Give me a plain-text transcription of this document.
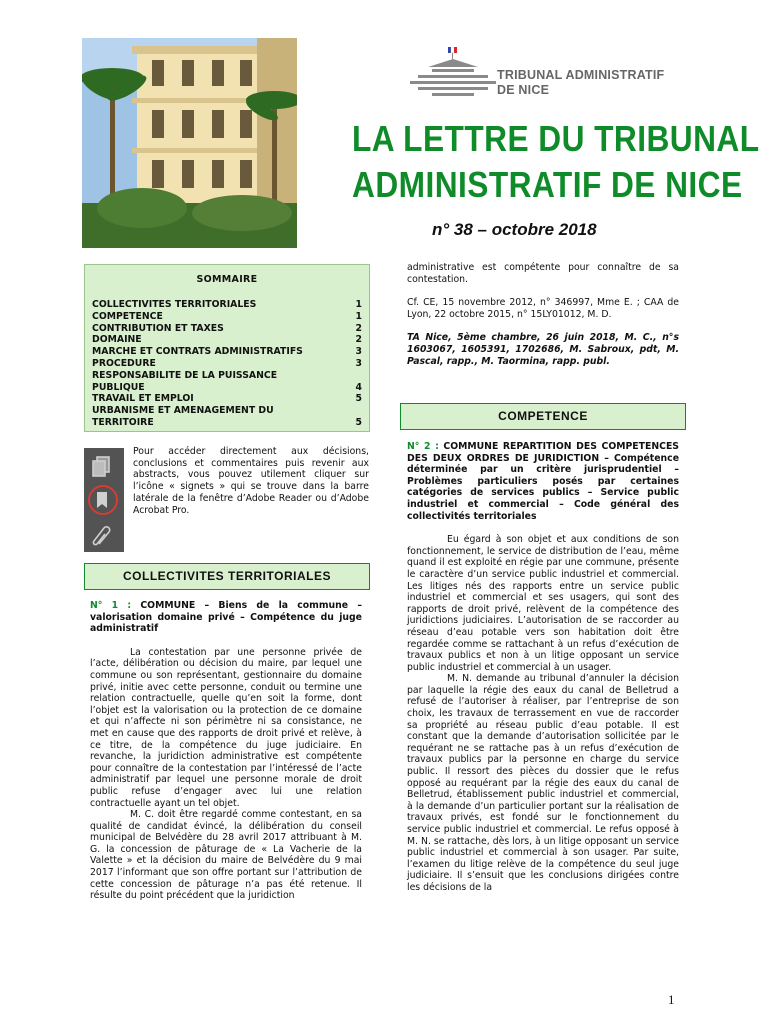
TRIBUNAL ADMINISTRATIF
DE NICE
LA LETTRE DU TRIBUNAL
ADMINISTRATIF DE NICE
n° 38 – octobre 2018
SOMMAIRE
COLLECTIVITES TERRITORIALES	1
COMPETENCE	1
CONTRIBUTION ET TAXES	2
DOMAINE	2
MARCHE ET CONTRATS ADMINISTRATIFS	3
PROCEDURE	3
RESPONSABILITE DE LA PUISSANCE
PUBLIQUE	4
TRAVAIL ET EMPLOI	5
URBANISME ET AMENAGEMENT DU
TERRITOIRE	5
Pour accéder directement aux décisions, conclusions et commentaires puis revenir aux abstracts, vous pouvez utilement cliquer sur l’icône « signets » qui se trouve dans la barre latérale de la fenêtre d’Adobe Reader ou d’Adobe Acrobat Pro.
COLLECTIVITES TERRITORIALES

N° 1 : COMMUNE – Biens de la commune – valorisation domaine privé – Compétence du juge administratif

La contestation par une personne privée de l’acte, délibération ou décision du maire, par lequel une commune ou son représentant, gestionnaire du domaine privé, initie avec cette personne, conduit ou termine une relation contractuelle, quelle qu’en soit la forme, dont l’objet est la valorisation ou la protection de ce domaine et qui n’affecte ni son périmètre ni sa consistance, ne met en cause que des rapports de droit privé et relève, à ce titre, de la compétence du juge judiciaire. En revanche, la juridiction administrative est compétente pour connaître de la contestation par l’intéressé de l’acte administratif par lequel une personne morale de droit public refuse d’engager avec lui une relation contractuelle ayant un tel objet.

M. C. doit être regardé comme contestant, en sa qualité de candidat évincé, la délibération du conseil municipal de Belvédère du 28 avril 2017 attribuant à M. G. la concession de pâturage de « La Vacherie de la Valette » et la décision du maire de Belvédère du 9 mai 2017 l’informant que son offre portant sur l’attribution de cette concession de pâturage n’a pas été retenue. Il résulte du point précédent que la juridiction

administrative est compétente pour connaître de sa contestation.

Cf. CE, 15 novembre 2012, n° 346997, Mme E. ; CAA de Lyon, 22 octobre 2015, n° 15LY01012, M. D.

TA Nice, 5ème chambre, 26 juin 2018, M. C., n°s 1603067, 1605391, 1702686, M. Sabroux, pdt, M. Pascal, rapp., M. Taormina, rapp. publ.

COMPETENCE

N° 2 : COMMUNE REPARTITION DES COMPETENCES DES DEUX ORDRES DE JURIDICTION – Compétence déterminée par un critère jurisprudentiel – Problèmes particuliers posés par certaines catégories de services publics – Service public industriel et commercial – Code général des collectivités territoriales

Eu égard à son objet et aux conditions de son fonctionnement, le service de distribution de l’eau, même quand il est exploité en régie par une commune, présente le caractère d’un service public industriel et commercial. Les litiges nés des rapports entre un service public industriel et commercial et ses usagers, qui sont des rapports de droit privé, relèvent de la compétence des juridictions judiciaires. L’autorisation de se raccorder au réseau d’eau potable vers son habitation doit être regardée comme se rattachant à un refus d’exécution de travaux publics et non à un litige opposant un service public industriel et commercial à un usager.

M. N. demande au tribunal d’annuler la décision par laquelle la régie des eaux du canal de Belletrud a refusé de l’autoriser à réaliser, par l’entreprise de son choix, les travaux de terrassement en vue de raccorder sa propriété au réseau public d’eau potable. Il est constant que la demande d’autorisation sollicitée par le requérant ne se rattache pas à un refus d’exécution de travaux publics par la personne en charge du service public. Il ressort des pièces du dossier que le refus opposé au requérant par la régie des eaux du canal de Belletrud, établissement public industriel et commercial, à la demande d’un particulier portant sur la réalisation de travaux privés, est fondé sur le fonctionnement du service public industriel et commercial. Le refus opposé à M. N. se rattache, dès lors, à un litige opposant un service public industriel et commercial à son usager. Par suite, l’examen du litige relève de la compétence du seul juge judiciaire. Il s’ensuit que les conclusions dirigées contre les décisions de la

1
